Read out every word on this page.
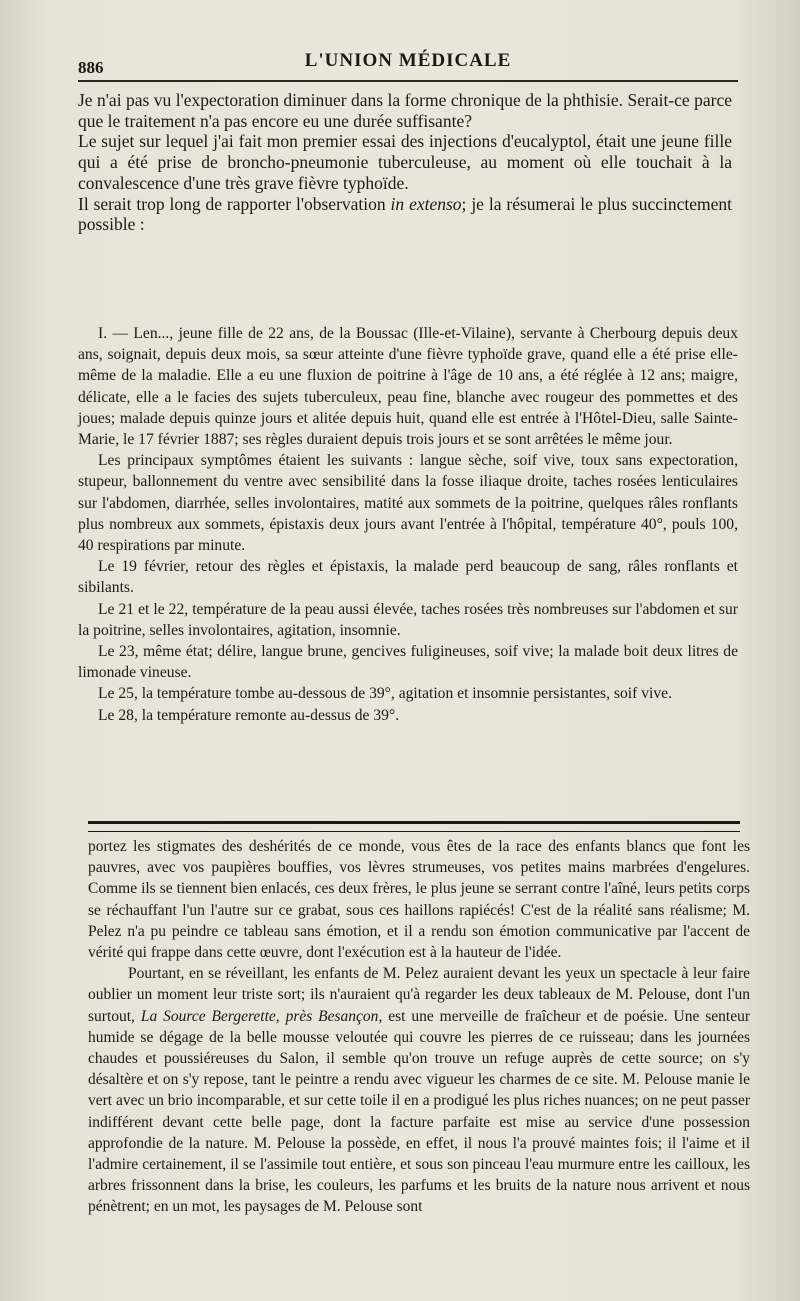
886	L'UNION MÉDICALE

Je n'ai pas vu l'expectoration diminuer dans la forme chronique de la phthisie. Serait-ce parce que le traitement n'a pas encore eu une durée suffisante?

Le sujet sur lequel j'ai fait mon premier essai des injections d'eucalyptol, était une jeune fille qui a été prise de broncho-pneumonie tuberculeuse, au moment où elle touchait à la convalescence d'une très grave fièvre typhoïde.

Il serait trop long de rapporter l'observation in extenso; je la résumerai le plus succinctement possible :

I. — Len..., jeune fille de 22 ans, de la Boussac (Ille-et-Vilaine), servante à Cherbourg depuis deux ans, soignait, depuis deux mois, sa sœur atteinte d'une fièvre typhoïde grave, quand elle a été prise elle-même de la maladie. Elle a eu une fluxion de poitrine à l'âge de 10 ans, a été réglée à 12 ans; maigre, délicate, elle a le facies des sujets tuberculeux, peau fine, blanche avec rougeur des pommettes et des joues; malade depuis quinze jours et alitée depuis huit, quand elle est entrée à l'Hôtel-Dieu, salle Sainte-Marie, le 17 février 1887; ses règles duraient depuis trois jours et se sont arrêtées le même jour.

Les principaux symptômes étaient les suivants : langue sèche, soif vive, toux sans expectoration, stupeur, ballonnement du ventre avec sensibilité dans la fosse iliaque droite, taches rosées lenticulaires sur l'abdomen, diarrhée, selles involontaires, matité aux sommets de la poitrine, quelques râles ronflants plus nombreux aux sommets, épistaxis deux jours avant l'entrée à l'hôpital, température 40°, pouls 100, 40 respirations par minute.

Le 19 février, retour des règles et épistaxis, la malade perd beaucoup de sang, râles ronflants et sibilants.

Le 21 et le 22, température de la peau aussi élevée, taches rosées très nombreuses sur l'abdomen et sur la poitrine, selles involontaires, agitation, insomnie.

Le 23, même état; délire, langue brune, gencives fuligineuses, soif vive; la malade boit deux litres de limonade vineuse.

Le 25, la température tombe au-dessous de 39°, agitation et insomnie persistantes, soif vive.

Le 28, la température remonte au-dessus de 39°.

portez les stigmates des deshérités de ce monde, vous êtes de la race des enfants blancs que font les pauvres, avec vos paupières bouffies, vos lèvres strumeuses, vos petites mains marbrées d'engelures. Comme ils se tiennent bien enlacés, ces deux frères, le plus jeune se serrant contre l'aîné, leurs petits corps se réchauffant l'un l'autre sur ce grabat, sous ces haillons rapiécés! C'est de la réalité sans réalisme; M. Pelez n'a pu peindre ce tableau sans émotion, et il a rendu son émotion communicative par l'accent de vérité qui frappe dans cette œuvre, dont l'exécution est à la hauteur de l'idée.

Pourtant, en se réveillant, les enfants de M. Pelez auraient devant les yeux un spectacle à leur faire oublier un moment leur triste sort; ils n'auraient qu'à regarder les deux tableaux de M. Pelouse, dont l'un surtout, La Source Bergerette, près Besançon, est une merveille de fraîcheur et de poésie. Une senteur humide se dégage de la belle mousse veloutée qui couvre les pierres de ce ruisseau; dans les journées chaudes et poussiéreuses du Salon, il semble qu'on trouve un refuge auprès de cette source; on s'y désaltère et on s'y repose, tant le peintre a rendu avec vigueur les charmes de ce site. M. Pelouse manie le vert avec un brio incomparable, et sur cette toile il en a prodigué les plus riches nuances; on ne peut passer indifférent devant cette belle page, dont la facture parfaite est mise au service d'une possession approfondie de la nature. M. Pelouse la possède, en effet, il nous l'a prouvé maintes fois; il l'aime et il l'admire certainement, il se l'assimile tout entière, et sous son pinceau l'eau murmure entre les cailloux, les arbres frissonnent dans la brise, les couleurs, les parfums et les bruits de la nature nous arrivent et nous pénètrent; en un mot, les paysages de M. Pelouse sont
